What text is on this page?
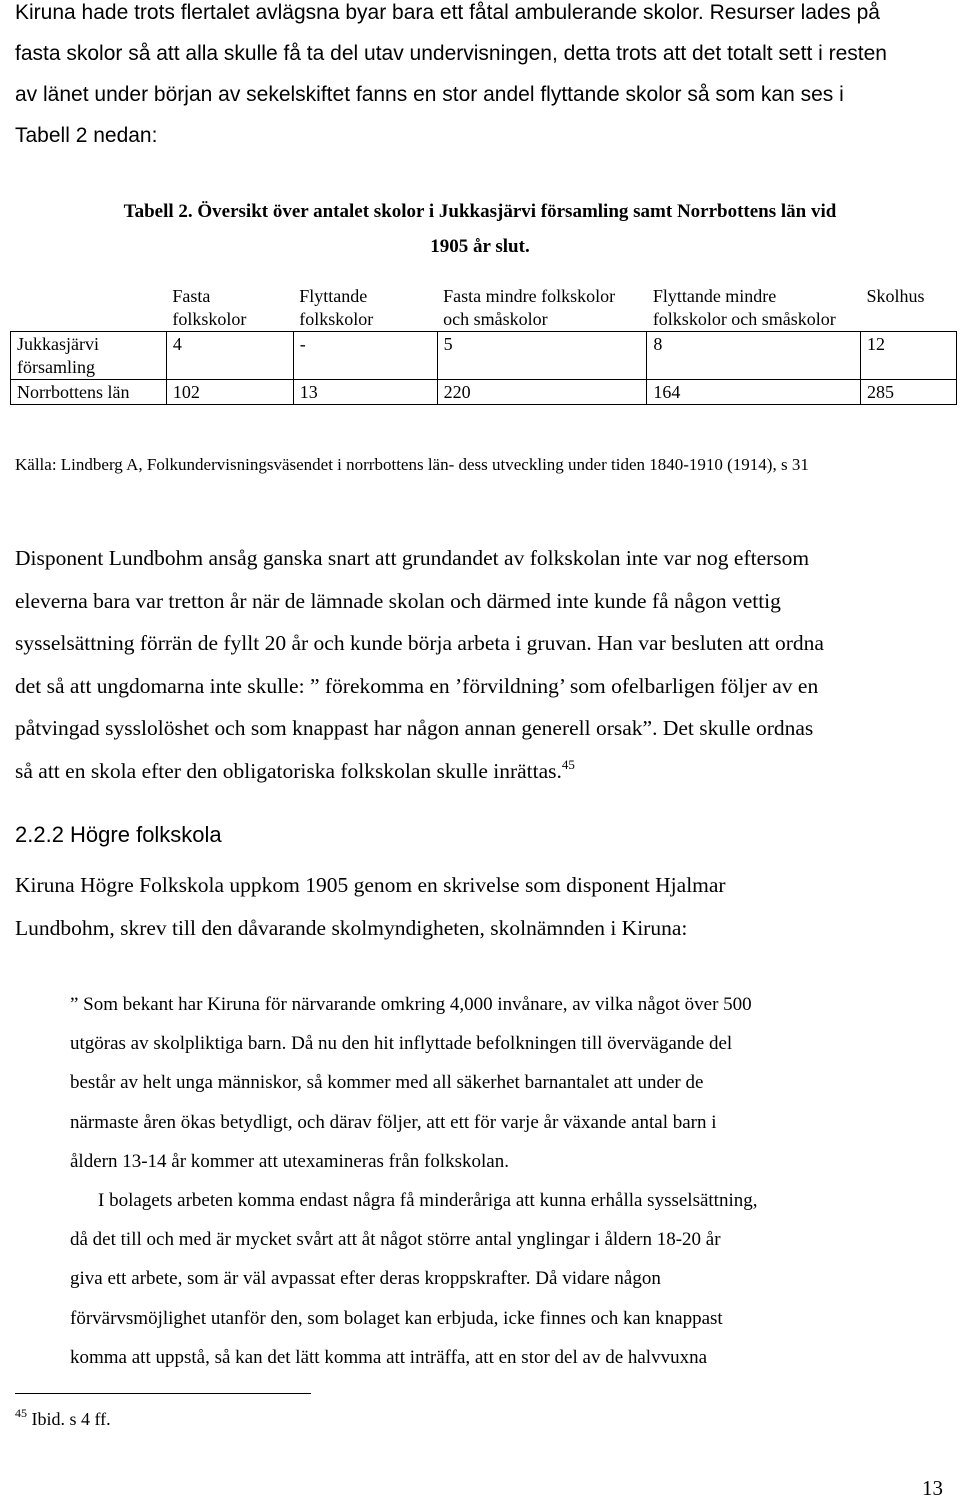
Kiruna hade trots flertalet avlägsna byar bara ett fåtal ambulerande skolor. Resurser lades på
fasta skolor så att alla skulle få ta del utav undervisningen, detta trots att det totalt sett i resten
av länet under början av sekelskiftet fanns en stor andel flyttande skolor så som kan ses i
Tabell 2 nedan:
Tabell 2. Översikt över antalet skolor i Jukkasjärvi församling samt Norrbottens län vid
1905 år slut.
	Fasta folkskolor	Flyttande folkskolor	Fasta mindre folkskolor och småskolor	Flyttande mindre folkskolor och småskolor	Skolhus
Jukkasjärvi församling	4	-	5	8	12
Norrbottens län	102	13	220	164	285
Källa: Lindberg A, Folkundervisningsväsendet i norrbottens län- dess utveckling under tiden 1840-1910 (1914), s 31
Disponent Lundbohm ansåg ganska snart att grundandet av folkskolan inte var nog eftersom
eleverna bara var tretton år när de lämnade skolan och därmed inte kunde få någon vettig
sysselsättning förrän de fyllt 20 år och kunde börja arbeta i gruvan. Han var besluten att ordna
det så att ungdomarna inte skulle: ” förekomma en ’förvildning’ som ofelbarligen följer av en
påtvingad sysslolöshet och som knappast har någon annan generell orsak”. Det skulle ordnas
så att en skola efter den obligatoriska folkskolan skulle inrättas.$^{45}$
2.2.2 Högre folkskola
Kiruna Högre Folkskola uppkom 1905 genom en skrivelse som disponent Hjalmar
Lundbohm, skrev till den dåvarande skolmyndigheten, skolnämnden i Kiruna:
” Som bekant har Kiruna för närvarande omkring 4,000 invånare, av vilka något över 500
utgöras av skolpliktiga barn. Då nu den hit inflyttade befolkningen till övervägande del
består av helt unga människor, så kommer med all säkerhet barnantalet att under de
närmaste åren ökas betydligt, och därav följer, att ett för varje år växande antal barn i
åldern 13-14 år kommer att utexamineras från folkskolan.
I bolagets arbeten komma endast några få minderåriga att kunna erhålla sysselsättning,
då det till och med är mycket svårt att åt något större antal ynglingar i åldern 18-20 år
giva ett arbete, som är väl avpassat efter deras kroppskrafter. Då vidare någon
förvärvsmöjlighet utanför den, som bolaget kan erbjuda, icke finnes och kan knappast
komma att uppstå, så kan det lätt komma att inträffa, att en stor del av de halvvuxna
$^{45}$ Ibid. s 4 ff.
13
